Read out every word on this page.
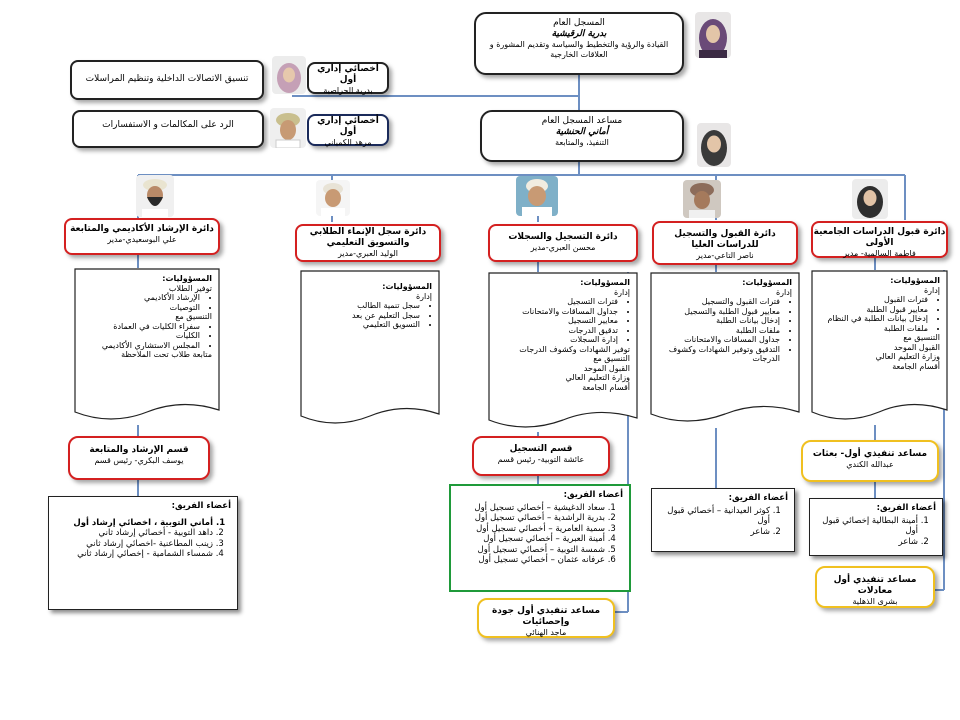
المسجل العام
بدرية الرقيشية
القيادة والرؤية والتخطيط والسياسة وتقديم المشورة و العلاقات الخارجية
مساعد المسجل العام
أماني الحنشية
التنفيذ، والمتابعة
تنسيق الاتصالات الداخلية وتنظيم المراسلات
أخصائي إداري أول
بدرية الحراصية
الرد على المكالمات و الاستفسارات	أخصائي إداري أول
مرهد الكمياني
دائرة قبول الدراسات الجامعية الأولى
فاطمة السالمية- مدير
دائرة القبول والتسجيل للدراسات العليا
ناصر التاعي-مدير
دائرة التسجيل والسجلات
محسن العبري-مدير
دائرة سجل الإنماء الطلابي والتسويق التعليمي
الوليد العبري-مدير
دائرة الإرشاد الأكاديمي والمتابعة
علي البوسعيدي-مدير
المسؤوليات:
إدارة
• فترات القبول
• معايير قبول الطلبة
• إدخال بيانات الطلبة في النظام
• ملفات الطلبة
التنسيق مع
القبول الموحد
وزارة التعليم العالي
أقسام الجامعة
المسؤوليات:
إدارة
• فترات القبول والتسجيل
• معايير قبول الطلبة والتسجيل
• إدخال بيانات الطلبة
• ملفات الطلبة
• جداول المساقات والامتحانات
• التدقيق وتوفير الشهادات وكشوف الدرجات
المسؤوليات:
إدارة
• فترات التسجيل
• جداول المساقات والامتحانات
• معايير التسجيل
• تدقيق الدرجات
• إدارة السجلات
توفير الشهادات وكشوف الدرجات
التنسيق مع
القبول الموحد
وزارة التعليم العالي
أقسام الجامعة
المسؤوليات:
إدارة
• سجل تنمية الطالب
• سجل التعليم عن بعد
• التسويق التعليمي
المسؤوليات:
توفير الطلاب
• الإرشاد الأكاديمي
• التوصيات
التنسيق مع
• سفراء الكليات في العمادة
• الكليات
• المجلس الاستشاري الأكاديمي
متابعة طلاب تحت الملاحظة
قسم الإرشاد والمتابعة
يوسف البكري- رئيس قسم
قسم التسجيل
عائشة التوبية- رئيس قسم
مساعد تنفيذي أول- بعثات
عبدالله الكندي
أعضاء الفريق:
1. أماني التوبية ، اخصائي إرشاد أول
2. داهد التوبية - أخصائي إرشاد ثاني
3. زينب المطاعنية -اخصائي إرشاد ثاني
4. شمساء الشمامية - إخصائي إرشاد ثاني
أعضاء الفريق:
1. سعاد الدغيشية – أخصائي تسجيل أول
2. بدرية الراشدية – أخصائي تسجيل أول
3. سمية العامرية – أخصائي تسجيل أول
4. أمينة العبرية – أخصائي تسجيل أول
5. شمسة التوبية – أخصائي تسجيل أول
6. عرفانه عثمان – أخصائي تسجيل أول
أعضاء الفريق:
1. كوثر العيدانية – أخصائي قبول أول
2. شاعر
أعضاء الفريق:
1. أمينة البطالية إخصائي قبول أول
2. شاعر
مساعد تنفيذي أول معادلات
بشرى الذهلية
مساعد تنفيذي أول جودة وإحصائيات
ماجد الهنائي
